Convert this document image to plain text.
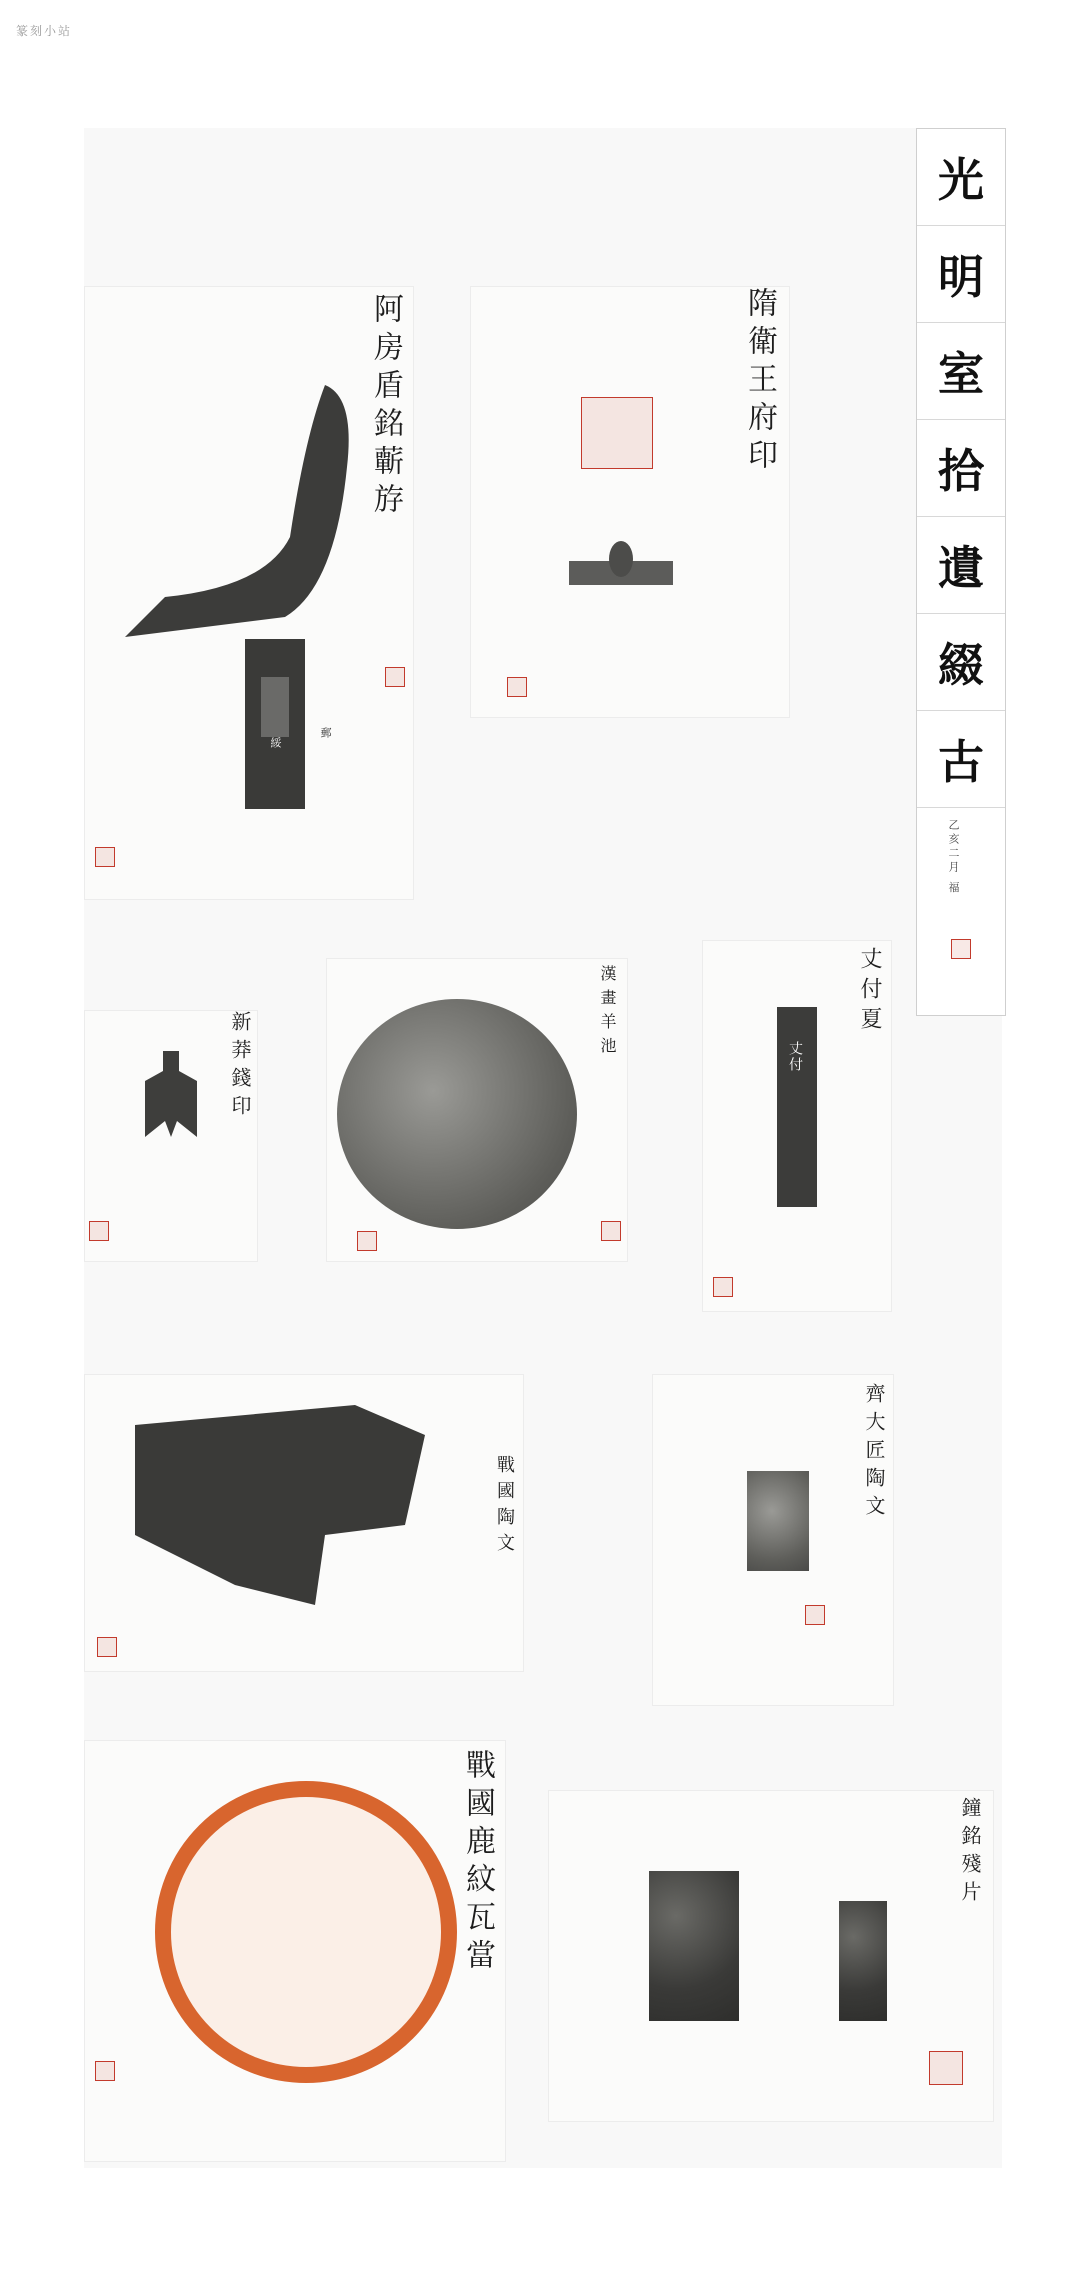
篆刻小站
光
明
室
拾
遺
綴
古
乙亥二月 福
阿房盾銘蘄斿
郵
綏
隋衛王府印
新莽錢印	漢畫羊池	丈付夏
丈付
戰國陶文	齊大匠陶文
戰國鹿紋瓦當	鐘銘殘片
